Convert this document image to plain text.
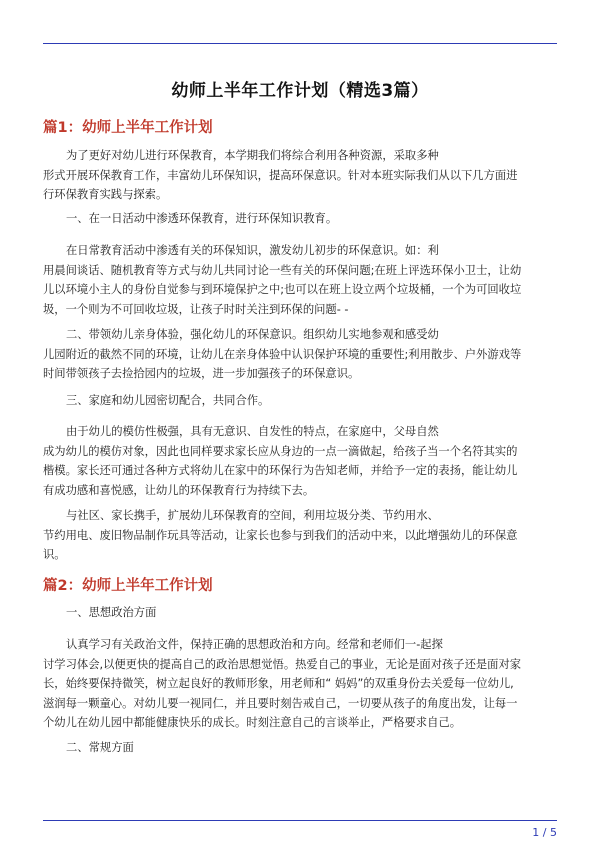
幼师上半年工作计划（精选3篇）
篇1：幼师上半年工作计划
为了更好对幼儿进行环保教育，本学期我们将综合利用各种资源，采取多种
形式开展环保教育工作，丰富幼儿环保知识，提高环保意识。针对本班实际我们从以下几方面进
行环保教育实践与探索。
一、在一日活动中渗透环保教育，进行环保知识教育。
在日常教育活动中渗透有关的环保知识，激发幼儿初步的环保意识。如：利
用晨间谈话、随机教育等方式与幼儿共同讨论一些有关的环保问题;在班上评选环保小卫士，让幼
儿以环境小主人的身份自觉参与到环境保护之中;也可以在班上设立两个垃圾桶，一个为可回收垃
圾，一个则为不可回收垃圾，让孩子时时关注到环保的问题- -
二、带领幼儿亲身体验，强化幼儿的环保意识。组织幼儿实地参观和感受幼
儿园附近的截然不同的环境，让幼儿在亲身体验中认识保护环境的重要性;利用散步、户外游戏等
时间带领孩子去捡拾园内的垃圾，进一步加强孩子的环保意识。
三、家庭和幼儿园密切配合，共同合作。
由于幼儿的模仿性极强，具有无意识、自发性的特点，在家庭中，父母自然
成为幼儿的模仿对象，因此也同样要求家长应从身边的一点一滴做起，给孩子当一个名符其实的
楷模。家长还可通过各种方式将幼儿在家中的环保行为告知老师，并给予一定的表扬，能让幼儿
有成功感和喜悦感，让幼儿的环保教育行为持续下去。
与社区、家长携手，扩展幼儿环保教育的空间，利用垃圾分类、节约用水、
节约用电、废旧物品制作玩具等活动，让家长也参与到我们的活动中来，以此增强幼儿的环保意
识。
篇2：幼师上半年工作计划
一、思想政治方面
认真学习有关政治文件，保持正确的思想政治和方向。经常和老师们一-起探
讨学习体会,以便更快的提高自己的政治思想觉悟。热爱自己的事业，无论是面对孩子还是面对家
长，始终要保持微笑，树立起良好的教师形象，用老师和“ 妈妈”的双重身份去关爱每一位幼儿,
滋润每一颗童心。对幼儿要一视同仁，并且要时刻告戒自己，一切要从孩子的角度出发，让每一
个幼儿在幼儿园中都能健康快乐的成长。时刻注意自己的言谈举止，严格要求自己。
二、常规方面
1 / 5
